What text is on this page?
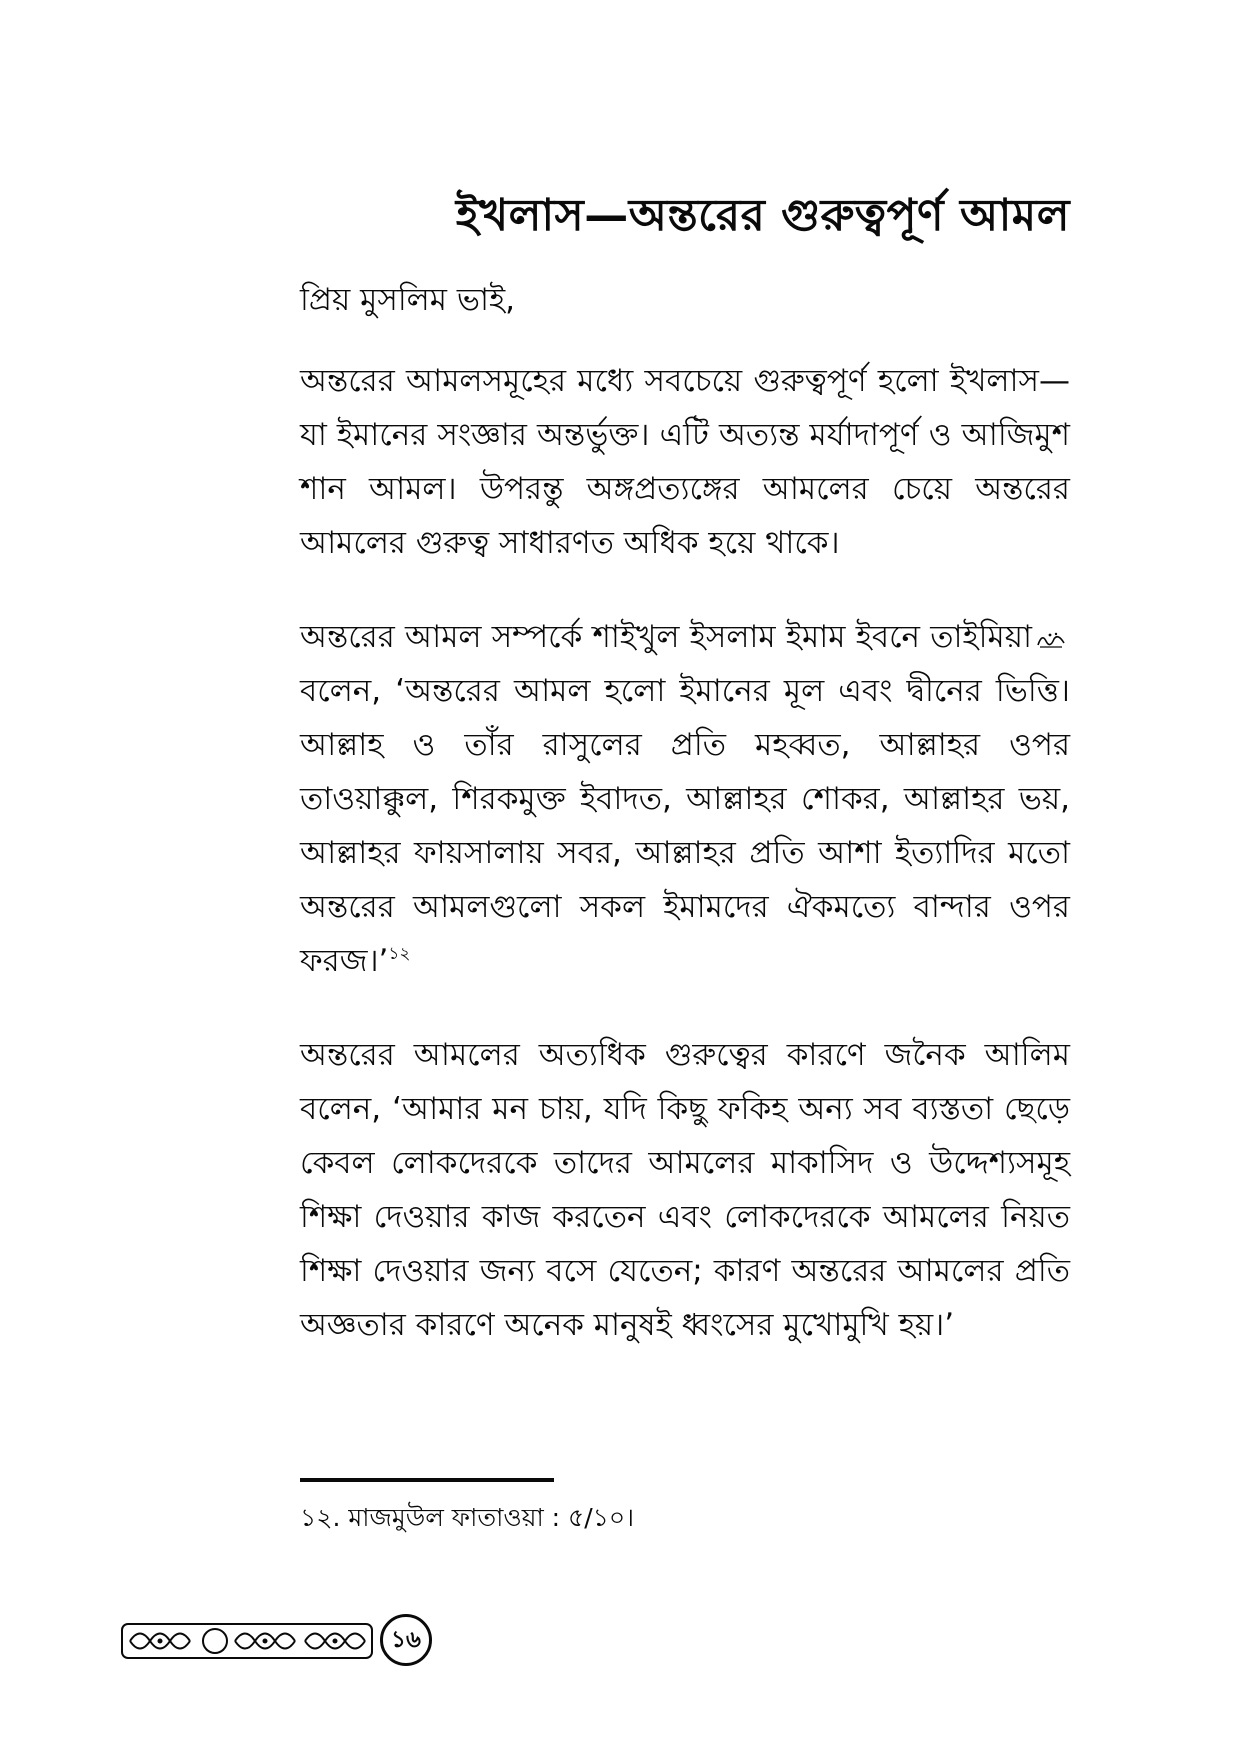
ইখলাস—অন্তরের গুরুত্বপূর্ণ আমল

প্রিয় মুসলিম ভাই,

অন্তরের আমলসমূহের মধ্যে সবচেয়ে গুরুত্বপূর্ণ হলো ইখলাস—যা ইমানের সংজ্ঞার অন্তর্ভুক্ত। এটি অত্যন্ত মর্যাদাপূর্ণ ও আজিমুশ শান আমল। উপরন্তু অঙ্গপ্রত্যঙ্গের আমলের চেয়ে অন্তরের আমলের গুরুত্ব সাধারণত অধিক হয়ে থাকে।

অন্তরের আমল সম্পর্কে শাইখুল ইসলাম ইমাম ইবনে তাইমিয়াবলেন, ‘অন্তরের আমল হলো ইমানের মূল এবং দ্বীনের ভিত্তি। আল্লাহ ও তাঁর রাসুলের প্রতি মহব্বত, আল্লাহর ওপর তাওয়াক্কুল, শিরকমুক্ত ইবাদত, আল্লাহর শোকর, আল্লাহর ভয়, আল্লাহর ফায়সালায় সবর, আল্লাহর প্রতি আশা ইত্যাদির মতো অন্তরের আমলগুলো সকল ইমামদের ঐকমত্যে বান্দার ওপর ফরজ।’$^{১২}$

অন্তরের আমলের অত্যধিক গুরুত্বের কারণে জনৈক আলিম বলেন, ‘আমার মন চায়, যদি কিছু ফকিহ অন্য সব ব্যস্ততা ছেড়ে কেবল লোকদেরকে তাদের আমলের মাকাসিদ ও উদ্দেশ্যসমূহ শিক্ষা দেওয়ার কাজ করতেন এবং লোকদেরকে আমলের নিয়ত শিক্ষা দেওয়ার জন্য বসে যেতেন; কারণ অন্তরের আমলের প্রতি অজ্ঞতার কারণে অনেক মানুষই ধ্বংসের মুখোমুখি হয়।’

১২. মাজমুউল ফাতাওয়া : ৫/১০।
১৬
